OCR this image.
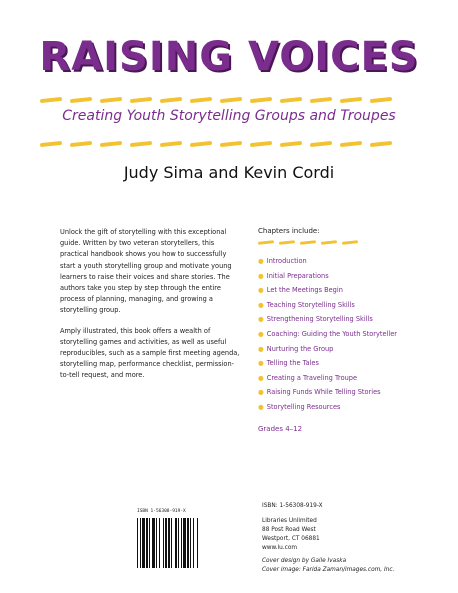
RAISING VOICES
Creating Youth Storytelling Groups and Troupes
Judy Sima and Kevin Cordi

Unlock the gift of storytelling with this exceptional guide. Written by two veteran storytellers, this practical handbook shows you how to successfully start a youth storytelling group and motivate young learners to raise their voices and share stories. The authors take you step by step through the entire process of planning, managing, and growing a storytelling group.

Amply illustrated, this book offers a wealth of storytelling games and activities, as well as useful reproducibles, such as a sample first meeting agenda, storytelling map, performance checklist, permission-to-tell request, and more.

Chapters include:
● Introduction
● Initial Preparations
● Let the Meetings Begin
● Teaching Storytelling Skills
● Strengthening Storytelling Skills
● Coaching: Guiding the Youth Storyteller
● Nurturing the Group
● Telling the Tales
● Creating a Traveling Troupe
● Raising Funds While Telling Stories
● Storytelling Resources
Grades 4–12
ISBN 1-56308-919-X
ISBN: 1-56308-919-X
Libraries Unlimited
88 Post Road West
Westport, CT 06881
www.lu.com
Cover design by Gaile Ivaska
Cover image: Farida Zaman/images.com, Inc.
